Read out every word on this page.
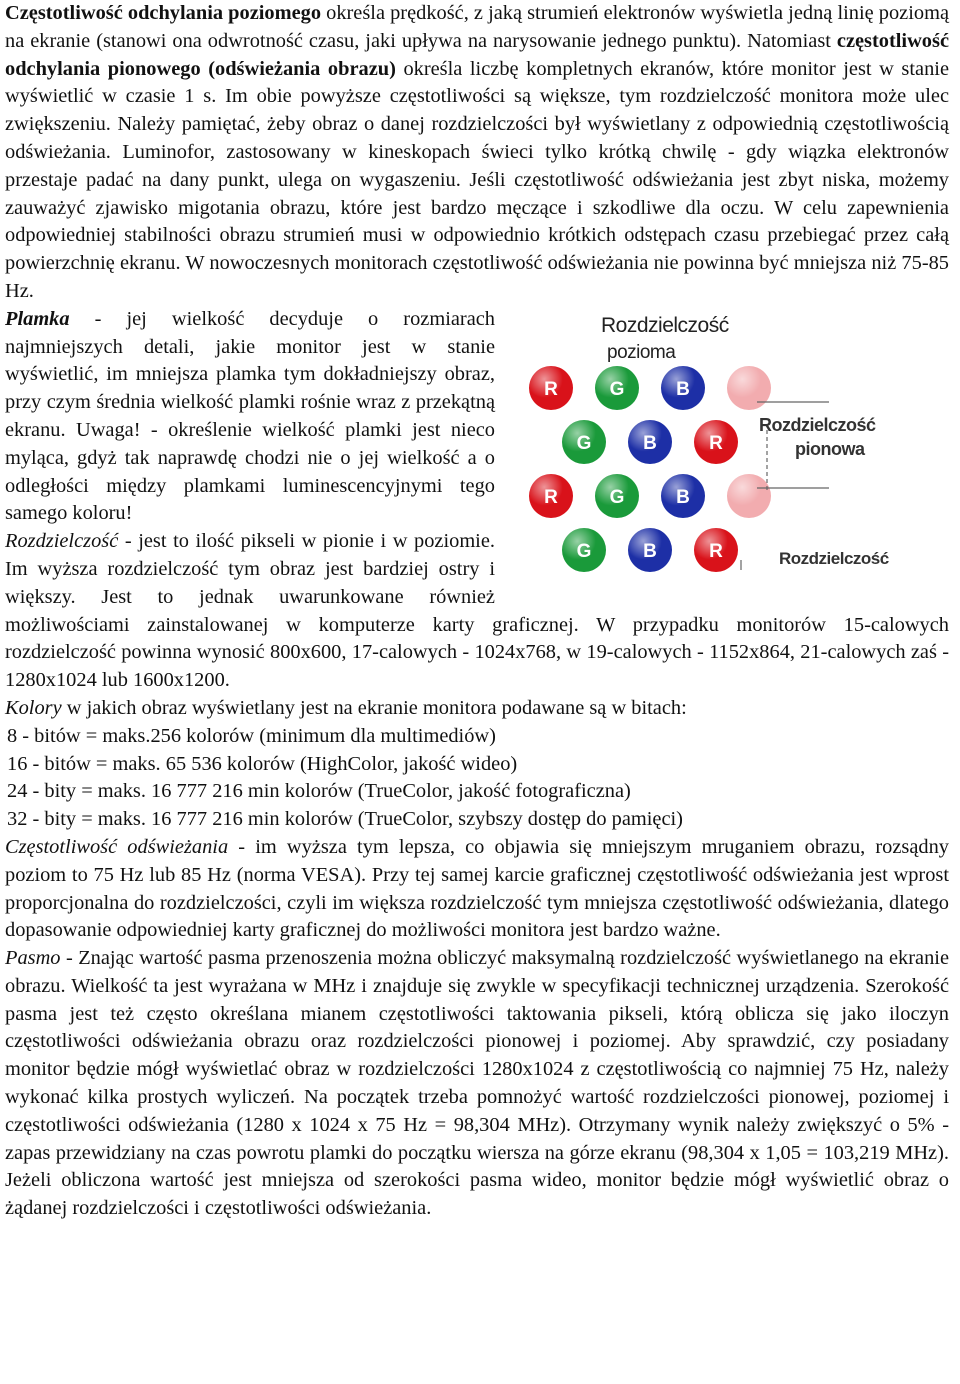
Częstotliwość odchylania poziomego określa prędkość, z jaką strumień elektronów wyświetla jedną linię poziomą na ekranie (stanowi ona odwrotność czasu, jaki upływa na narysowanie jednego punktu). Natomiast częstotliwość odchylania pionowego (odświeżania obrazu) określa liczbę kompletnych ekranów, które monitor jest w stanie wyświetlić w czasie 1 s. Im obie powyższe częstotliwości są większe, tym rozdzielczość monitora może ulec zwiększeniu. Należy pamiętać, żeby obraz o danej rozdzielczości był wyświetlany z odpowiednią częstotliwością odświeżania. Luminofor, zastosowany w kineskopach świeci tylko krótką chwilę - gdy wiązka elektronów przestaje padać na dany punkt, ulega on wygaszeniu. Jeśli częstotliwość odświeżania jest zbyt niska, możemy zauważyć zjawisko migotania obrazu, które jest bardzo męczące i szkodliwe dla oczu. W celu zapewnienia odpowiedniej stabilności obrazu strumień musi w odpowiednio krótkich odstępach czasu przebiegać przez całą powierzchnię ekranu. W nowoczesnych monitorach częstotliwość odświeżania nie powinna być mniejsza niż 75-85 Hz.

R	G	B
G	B	R
R	G	B
G	B	R
Rozdzielczość
pozioma
Rozdzielczość
pionowa
Rozdzielczość

Plamka - jej wielkość decyduje o rozmiarach najmniejszych detali, jakie monitor jest w stanie wyświetlić, im mniejsza plamka tym dokładniejszy obraz, przy czym średnia wielkość plamki rośnie wraz z przekątną ekranu. Uwaga! - określenie wielkość plamki jest nieco myląca, gdyż tak naprawdę chodzi nie o jej wielkość a o odległości między plamkami luminescencyjnymi tego samego koloru!

Rozdzielczość - jest to ilość pikseli w pionie i w poziomie. Im wyższa rozdzielczość tym obraz jest bardziej ostry i większy. Jest to jednak uwarunkowane również możliwościami zainstalowanej w komputerze karty graficznej. W przypadku monitorów 15-calowych rozdzielczość powinna wynosić 800x600, 17-calowych - 1024x768, w 19-calowych - 1152x864, 21-calowych zaś - 1280x1024 lub 1600x1200.

Kolory w jakich obraz wyświetlany jest na ekranie monitora podawane są w bitach:

8 - bitów = maks.256 kolorów (minimum dla multimediów)

16 - bitów = maks. 65 536 kolorów (HighColor, jakość wideo)

24 - bity = maks. 16 777 216 min kolorów (TrueColor, jakość fotograficzna)

32 - bity = maks. 16 777 216 min kolorów (TrueColor, szybszy dostęp do pamięci)

Częstotliwość odświeżania - im wyższa tym lepsza, co objawia się mniejszym mruganiem obrazu, rozsądny poziom to 75 Hz lub 85 Hz (norma VESA). Przy tej samej karcie graficznej częstotliwość odświeżania jest wprost proporcjonalna do rozdzielczości, czyli im większa rozdzielczość tym mniejsza częstotliwość odświeżania, dlatego dopasowanie odpowiedniej karty graficznej do możliwości monitora jest bardzo ważne.

Pasmo - Znając wartość pasma przenoszenia można obliczyć maksymalną rozdzielczość wyświetlanego na ekranie obrazu. Wielkość ta jest wyrażana w MHz i znajduje się zwykle w specyfikacji technicznej urządzenia. Szerokość pasma jest też często określana mianem częstotliwości taktowania pikseli, którą oblicza się jako iloczyn częstotliwości odświeżania obrazu oraz rozdzielczości pionowej i poziomej. Aby sprawdzić, czy posiadany monitor będzie mógł wyświetlać obraz w rozdzielczości 1280x1024 z częstotliwością co najmniej 75 Hz, należy wykonać kilka prostych wyliczeń. Na początek trzeba pomnożyć wartość rozdzielczości pionowej, poziomej i częstotliwości odświeżania (1280 x 1024 x 75 Hz = 98,304 MHz). Otrzymany wynik należy zwiększyć o 5% - zapas przewidziany na czas powrotu plamki do początku wiersza na górze ekranu (98,304 x 1,05 = 103,219 MHz). Jeżeli obliczona wartość jest mniejsza od szerokości pasma wideo, monitor będzie mógł wyświetlić obraz o żądanej rozdzielczości i częstotliwości odświeżania.
